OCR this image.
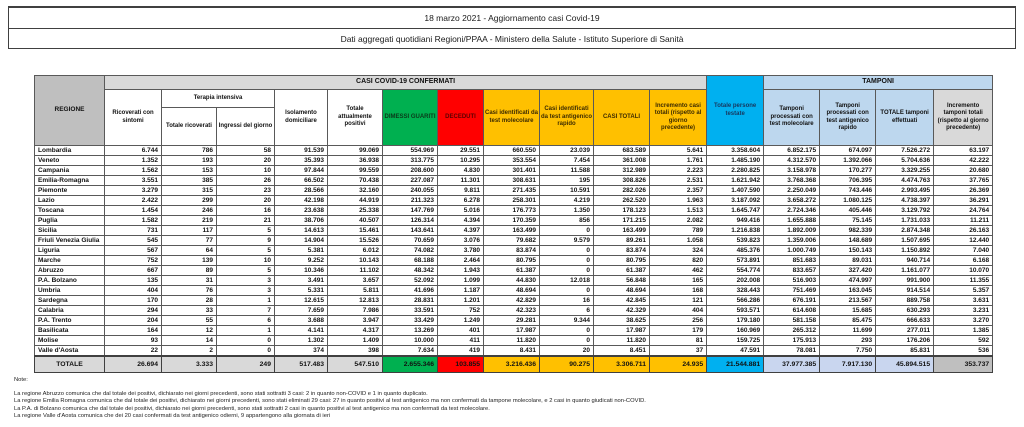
18 marzo 2021 - Aggiornamento casi Covid-19
Dati aggregati quotidiani Regioni/PPAA - Ministero della Salute - Istituto Superiore di Sanità
REGIONE	CASI COVID-19 CONFERMATI											Totale persone testate	TAMPONI			
	Ricoverati con sintomi	Terapia intensiva		Isolamento domiciliare	Totale attualmente positivi	DIMESSI GUARITI	DECEDUTI	Casi identificati da test molecolare	Casi identificati da test antigenico rapido	CASI TOTALI	Incremento casi totali (rispetto al giorno precedente)		Tamponi processati con test molecolare	Tamponi processati con test antigenico rapido	TOTALE tamponi effettuati	Incremento tamponi totali (rispetto al giorno precedente)
		Totale ricoverati	Ingressi del giorno													
Lombardia	6.744	786	58	91.539	99.069	554.969	29.551	660.550	23.039	683.589	5.641	3.358.604	6.852.175	674.097	7.526.272	63.197
Veneto	1.352	193	20	35.393	36.938	313.775	10.295	353.554	7.454	361.008	1.761	1.485.190	4.312.570	1.392.066	5.704.636	42.222
Campania	1.562	153	10	97.844	99.559	208.600	4.830	301.401	11.588	312.989	2.223	2.280.825	3.158.978	170.277	3.329.255	20.680
Emilia-Romagna	3.551	385	26	66.502	70.438	227.087	11.301	308.631	195	308.826	2.531	1.621.942	3.768.368	706.395	4.474.763	37.765
Piemonte	3.279	315	23	28.566	32.160	240.055	9.811	271.435	10.591	282.026	2.357	1.407.590	2.250.049	743.446	2.993.495	26.369
Lazio	2.422	299	20	42.198	44.919	211.323	6.278	258.301	4.219	262.520	1.963	3.187.092	3.658.272	1.080.125	4.738.397	36.291
Toscana	1.454	246	16	23.638	25.338	147.769	5.016	176.773	1.350	178.123	1.513	1.645.747	2.724.346	405.446	3.129.792	24.764
Puglia	1.582	219	21	38.706	40.507	126.314	4.394	170.359	856	171.215	2.082	949.416	1.655.888	75.145	1.731.033	11.211
Sicilia	731	117	5	14.613	15.461	143.641	4.397	163.499	0	163.499	789	1.216.838	1.892.009	982.339	2.874.348	26.163
Friuli Venezia Giulia	545	77	9	14.904	15.526	70.659	3.076	79.682	9.579	89.261	1.058	539.823	1.359.006	148.689	1.507.695	12.440
Liguria	567	64	5	5.381	6.012	74.082	3.780	83.874	0	83.874	324	485.376	1.000.749	150.143	1.150.892	7.040
Marche	752	139	10	9.252	10.143	68.188	2.464	80.795	0	80.795	820	573.891	851.683	89.031	940.714	6.168
Abruzzo	667	89	5	10.346	11.102	48.342	1.943	61.387	0	61.387	462	554.774	833.657	327.420	1.161.077	10.070
P.A. Bolzano	135	31	3	3.491	3.657	52.092	1.099	44.830	12.018	56.848	165	202.008	516.903	474.997	991.900	11.355
Umbria	404	76	3	5.331	5.811	41.696	1.187	48.694	0	48.694	168	328.443	751.469	163.045	914.514	5.357
Sardegna	170	28	1	12.615	12.813	28.831	1.201	42.829	16	42.845	121	566.286	676.191	213.567	889.758	3.631
Calabria	294	33	7	7.659	7.986	33.591	752	42.323	6	42.329	404	593.571	614.608	15.685	630.293	3.231
P.A. Trento	204	55	6	3.688	3.947	33.429	1.249	29.281	9.344	38.625	256	179.180	581.158	85.475	666.633	3.270
Basilicata	164	12	1	4.141	4.317	13.269	401	17.987	0	17.987	179	160.969	265.312	11.699	277.011	1.385
Molise	93	14	0	1.302	1.409	10.000	411	11.820	0	11.820	81	159.725	175.913	293	176.206	592
Valle d'Aosta	22	2	0	374	398	7.634	419	8.431	20	8.451	37	47.591	78.081	7.750	85.831	536
TOTALE	26.694	3.333	249	517.483	547.510	2.655.346	103.855	3.216.436	90.275	3.306.711	24.935	21.544.881	37.977.385	7.917.130	45.894.515	353.737
Note:
La regione Abruzzo comunica che dal totale dei positivi, dichiarato nei giorni precedenti, sono stati sottratti 3 casi: 2 in quanto non-COVID e 1 in quanto duplicato.
La regione Emilia Romagna comunica che dal totale dei positivi, dichiarato nei giorni precedenti, sono stati eliminati 29 casi: 27 in quanto positivi al test antigenico ma non confermati da tampone molecolare, e 2 casi in quanto giudicati non-COVID.
La P.A. di Bolzano comunica che dal totale dei positivi, dichiarato nei giorni precedenti, sono stati sottratti 2 casi in quanto positivi al test antigenico ma non confermati da test molecolare.
La regione Valle d'Aosta comunica che dei 20 casi confermati da test antigenico odierni, 9 appartengono alla giornata di ieri
